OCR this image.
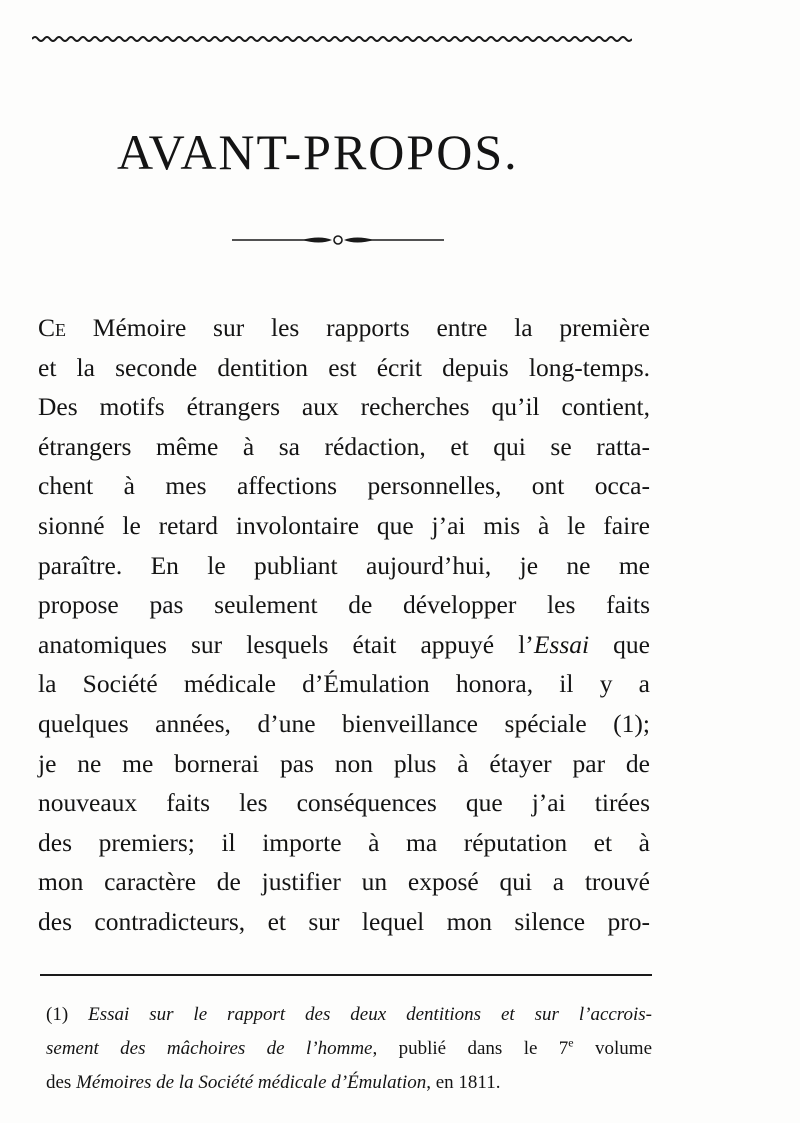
AVANT-PROPOS.
Ce Mémoire sur les rapports entre la première
et la seconde dentition est écrit depuis long-temps.
Des motifs étrangers aux recherches qu’il contient,
étrangers même à sa rédaction, et qui se ratta-
chent à mes affections personnelles, ont occa-
sionné le retard involontaire que j’ai mis à le faire
paraître. En le publiant aujourd’hui, je ne me
propose pas seulement de développer les faits
anatomiques sur lesquels était appuyé l’Essai que
la Société médicale d’Émulation honora, il y a
quelques années, d’une bienveillance spéciale (1);
je ne me bornerai pas non plus à étayer par de
nouveaux faits les conséquences que j’ai tirées
des premiers; il importe à ma réputation et à
mon caractère de justifier un exposé qui a trouvé
des contradicteurs, et sur lequel mon silence pro-
(1) Essai sur le rapport des deux dentitions et sur l’accrois-
sement des mâchoires de l’homme, publié dans le 7e volume
des Mémoires de la Société médicale d’Émulation, en 1811.
